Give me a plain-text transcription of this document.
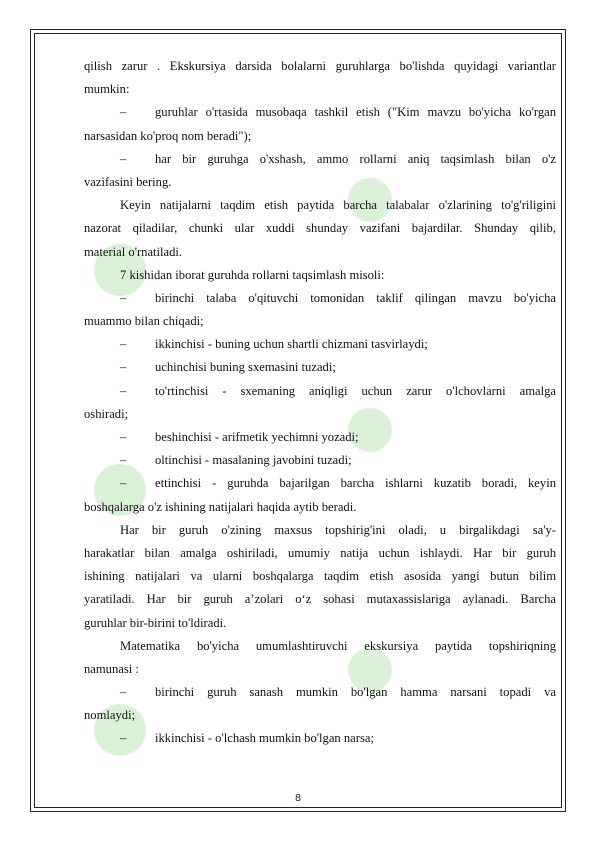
qilish zarur . Ekskursiya darsida bolalarni guruhlarga bo'lishda quyidagi variantlar
mumkin:
–	guruhlar o'rtasida musobaqa tashkil etish ("Kim mavzu bo'yicha ko'rgan
narsasidan ko'proq nom beradi");
–	har bir guruhga o'xshash, ammo rollarni aniq taqsimlash bilan o'z
vazifasini bering.
Keyin natijalarni taqdim etish paytida barcha talabalar o'zlarining to'g'riligini
nazorat qiladilar, chunki ular xuddi shunday vazifani bajardilar. Shunday qilib,
material o'rnatiladi.
7 kishidan iborat guruhda rollarni taqsimlash misoli:
–	birinchi talaba o'qituvchi tomonidan taklif qilingan mavzu bo'yicha
muammo bilan chiqadi;
–	ikkinchisi - buning uchun shartli chizmani tasvirlaydi;
–	uchinchisi buning sxemasini tuzadi;
–	to'rtinchisi - sxemaning aniqligi uchun zarur o'lchovlarni amalga
oshiradi;
–	beshinchisi - arifmetik yechimni yozadi;
–	oltinchisi - masalaning javobini tuzadi;
–	ettinchisi - guruhda bajarilgan barcha ishlarni kuzatib boradi, keyin
boshqalarga o'z ishining natijalari haqida aytib beradi.
Har bir guruh o'zining maxsus topshirig'ini oladi, u birgalikdagi sa'y-
harakatlar bilan amalga oshiriladi, umumiy natija uchun ishlaydi. Har bir guruh
ishining natijalari va ularni boshqalarga taqdim etish asosida yangi butun bilim
yaratiladi. Har bir guruh a’zolari o‘z sohasi mutaxassislariga aylanadi. Barcha
guruhlar bir-birini to'ldiradi.
Matematika bo'yicha umumlashtiruvchi ekskursiya paytida topshiriqning
namunasi :
–	birinchi guruh sanash mumkin bo'lgan hamma narsani topadi va
nomlaydi;
–	ikkinchisi - o'lchash mumkin bo'lgan narsa;
8
